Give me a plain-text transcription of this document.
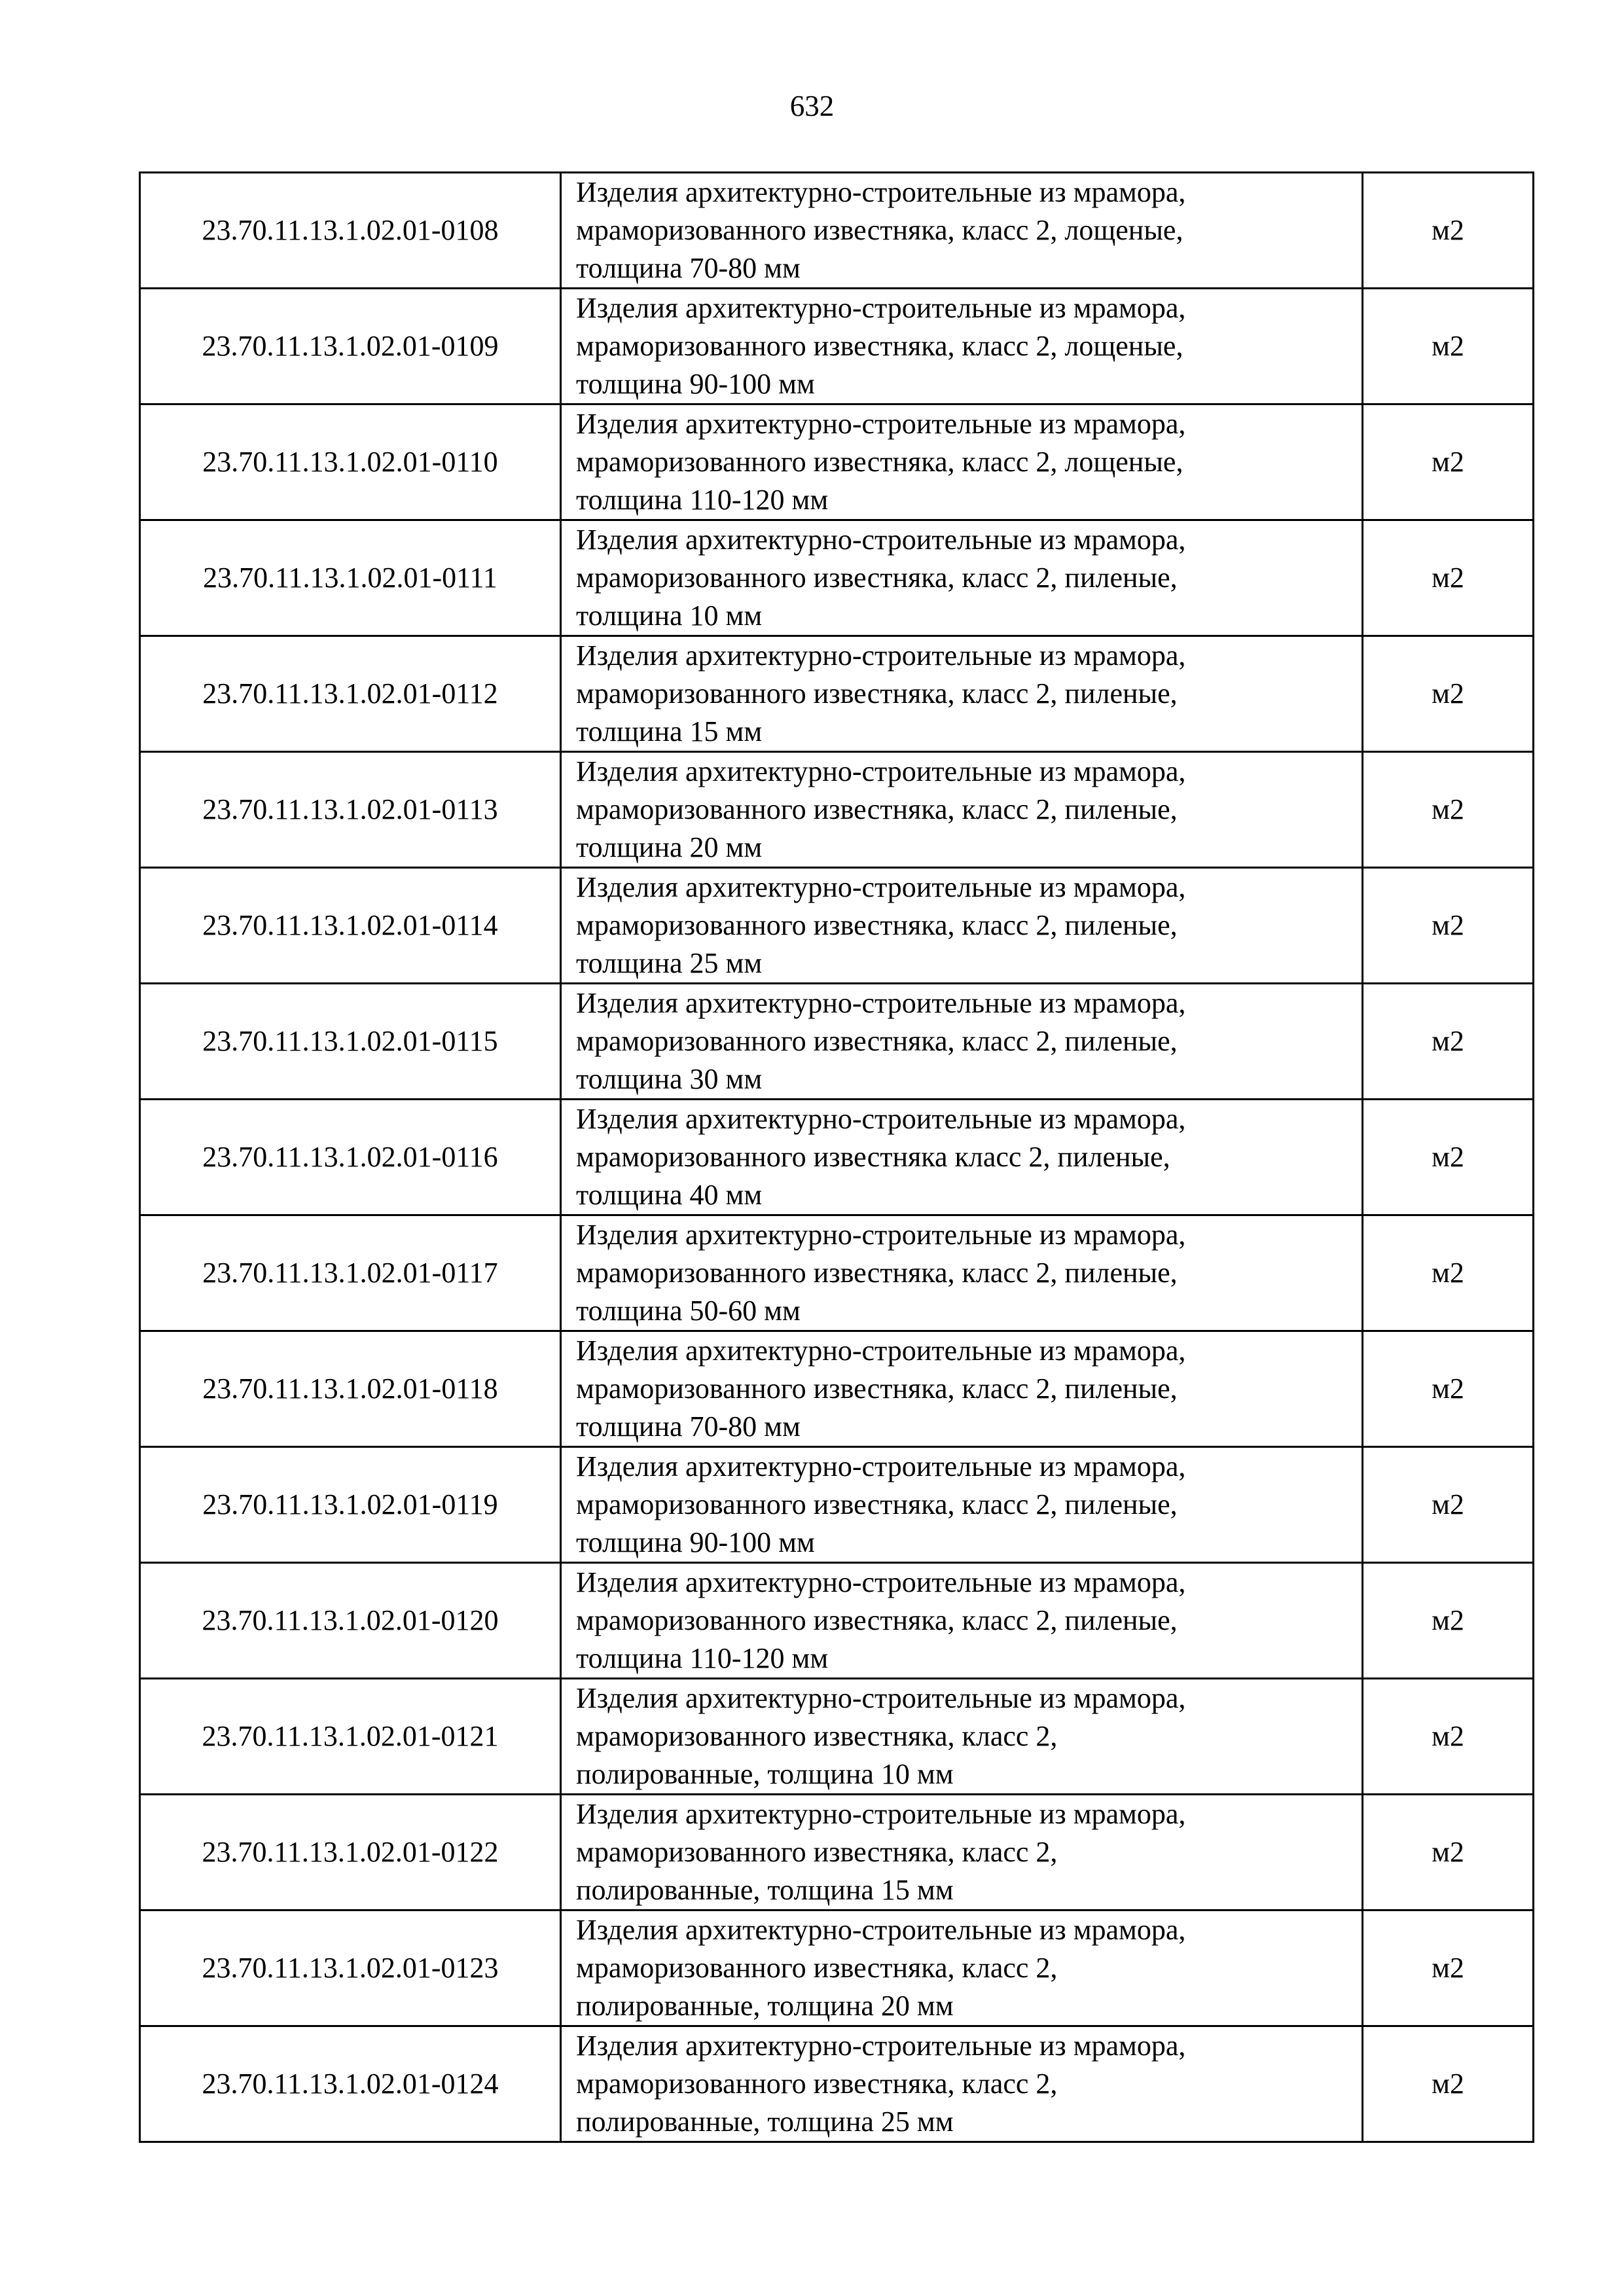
632
23.70.11.13.1.02.01-0108	Изделия архитектурно-строительные из мрамора,
мраморизованного известняка, класс 2, лощеные,
толщина 70-80 мм	м2
23.70.11.13.1.02.01-0109	Изделия архитектурно-строительные из мрамора,
мраморизованного известняка, класс 2, лощеные,
толщина 90-100 мм	м2
23.70.11.13.1.02.01-0110	Изделия архитектурно-строительные из мрамора,
мраморизованного известняка, класс 2, лощеные,
толщина 110-120 мм	м2
23.70.11.13.1.02.01-0111	Изделия архитектурно-строительные из мрамора,
мраморизованного известняка, класс 2, пиленые,
толщина 10 мм	м2
23.70.11.13.1.02.01-0112	Изделия архитектурно-строительные из мрамора,
мраморизованного известняка, класс 2, пиленые,
толщина 15 мм	м2
23.70.11.13.1.02.01-0113	Изделия архитектурно-строительные из мрамора,
мраморизованного известняка, класс 2, пиленые,
толщина 20 мм	м2
23.70.11.13.1.02.01-0114	Изделия архитектурно-строительные из мрамора,
мраморизованного известняка, класс 2, пиленые,
толщина 25 мм	м2
23.70.11.13.1.02.01-0115	Изделия архитектурно-строительные из мрамора,
мраморизованного известняка, класс 2, пиленые,
толщина 30 мм	м2
23.70.11.13.1.02.01-0116	Изделия архитектурно-строительные из мрамора,
мраморизованного известняка класс 2, пиленые,
толщина 40 мм	м2
23.70.11.13.1.02.01-0117	Изделия архитектурно-строительные из мрамора,
мраморизованного известняка, класс 2, пиленые,
толщина 50-60 мм	м2
23.70.11.13.1.02.01-0118	Изделия архитектурно-строительные из мрамора,
мраморизованного известняка, класс 2, пиленые,
толщина 70-80 мм	м2
23.70.11.13.1.02.01-0119	Изделия архитектурно-строительные из мрамора,
мраморизованного известняка, класс 2, пиленые,
толщина 90-100 мм	м2
23.70.11.13.1.02.01-0120	Изделия архитектурно-строительные из мрамора,
мраморизованного известняка, класс 2, пиленые,
толщина 110-120 мм	м2
23.70.11.13.1.02.01-0121	Изделия архитектурно-строительные из мрамора,
мраморизованного известняка, класс 2,
полированные, толщина 10 мм	м2
23.70.11.13.1.02.01-0122	Изделия архитектурно-строительные из мрамора,
мраморизованного известняка, класс 2,
полированные, толщина 15 мм	м2
23.70.11.13.1.02.01-0123	Изделия архитектурно-строительные из мрамора,
мраморизованного известняка, класс 2,
полированные, толщина 20 мм	м2
23.70.11.13.1.02.01-0124	Изделия архитектурно-строительные из мрамора,
мраморизованного известняка, класс 2,
полированные, толщина 25 мм	м2
